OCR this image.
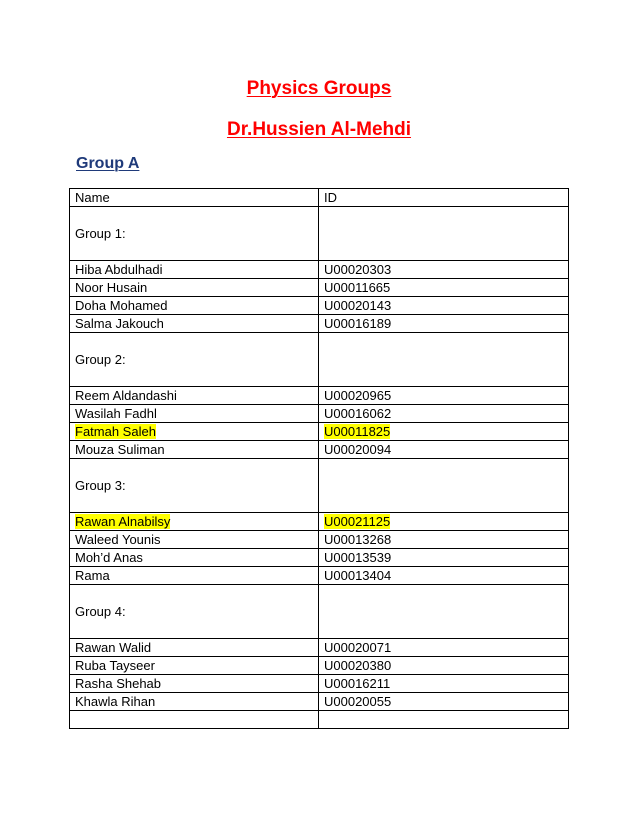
Physics Groups
Dr.Hussien Al-Mehdi
Group A
Name	ID
Group 1:	
Hiba Abdulhadi	U00020303
Noor Husain	U00011665
Doha Mohamed	U00020143
Salma Jakouch	U00016189
Group 2:	
Reem Aldandashi	U00020965
Wasilah Fadhl	U00016062
Fatmah Saleh	U00011825
Mouza Suliman	U00020094
Group 3:	
Rawan Alnabilsy	U00021125
Waleed Younis	U00013268
Moh’d Anas	U00013539
Rama	U00013404
Group 4:	
Rawan Walid	U00020071
Ruba Tayseer	U00020380
Rasha Shehab	U00016211
Khawla Rihan	U00020055
